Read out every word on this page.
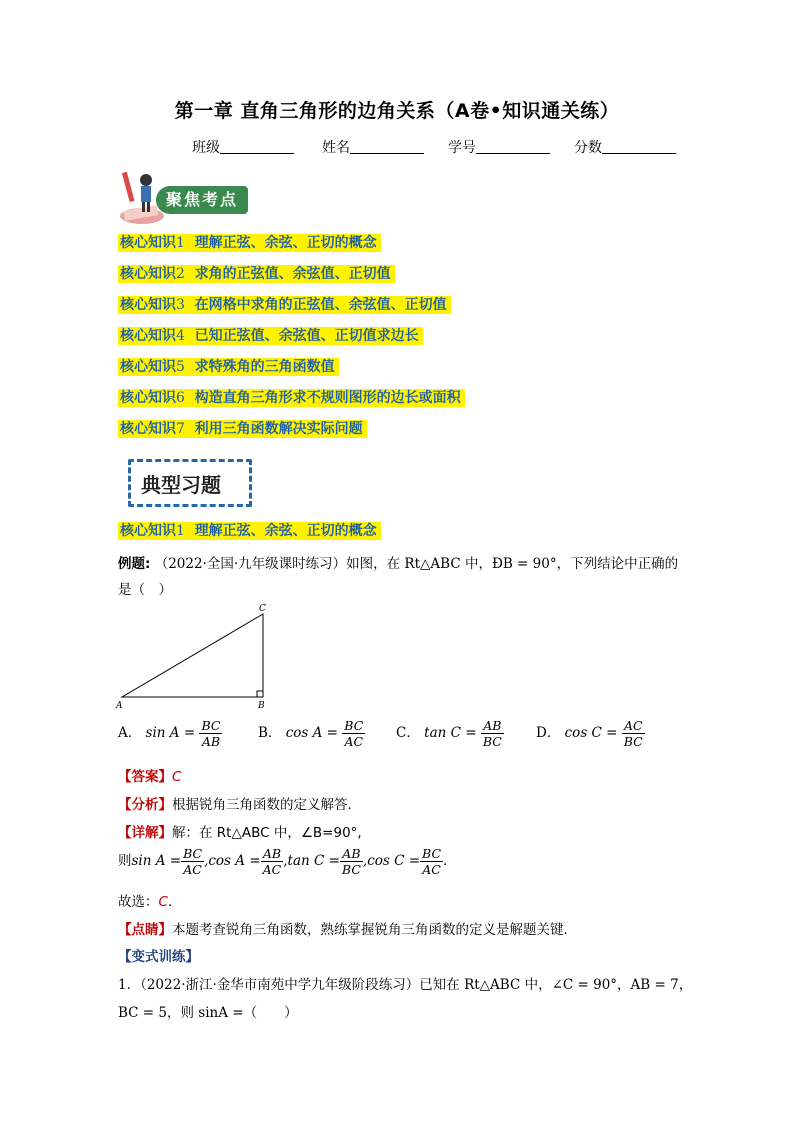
第一章 直角三角形的边角关系（A卷•知识通关练）
班级	姓名	学号	分数
聚焦考点
核心知识1 理解正弦、余弦、正切的概念
核心知识2 求角的正弦值、余弦值、正切值
核心知识3 在网格中求角的正弦值、余弦值、正切值
核心知识4 已知正弦值、余弦值、正切值求边长
核心知识5 求特殊角的三角函数值
核心知识6 构造直角三角形求不规则图形的边长或面积
核心知识7 利用三角函数解决实际问题
典型习题
核心知识1 理解正弦、余弦、正切的概念
例题: （2022·全国·九年级课时练习）如图，在 Rt△ABC 中，ÐB = 90°，下列结论中正确的
是（　）
A	B
C
A． $\sin A = \frac{BC}{AB}$	B． $\cos A = \frac{BC}{AC}$ C． $\tan C = \frac{AB}{BC}$ D． $\cos C = \frac{AC}{BC}$
【答案】C
【分析】根据锐角三角函数的定义解答．
【详解】解：在 Rt△ABC 中，∠B=90°,
则$\sin A = \frac{BC}{AC} ,\cos$ $A = \frac{AB}{AC} ,\tan$ $C = \frac{AB}{BC} ,\cos$ $C = \frac{BC}{AC}$ ．
故选：C．
【点睛】本题考查锐角三角函数，熟练掌握锐角三角函数的定义是解题关键．
【变式训练】
1．（2022·浙江·金华市南苑中学九年级阶段练习）已知在 Rt△ABC 中，∠C = 90°，AB = 7，
BC = 5，则 sinA =（　　）
